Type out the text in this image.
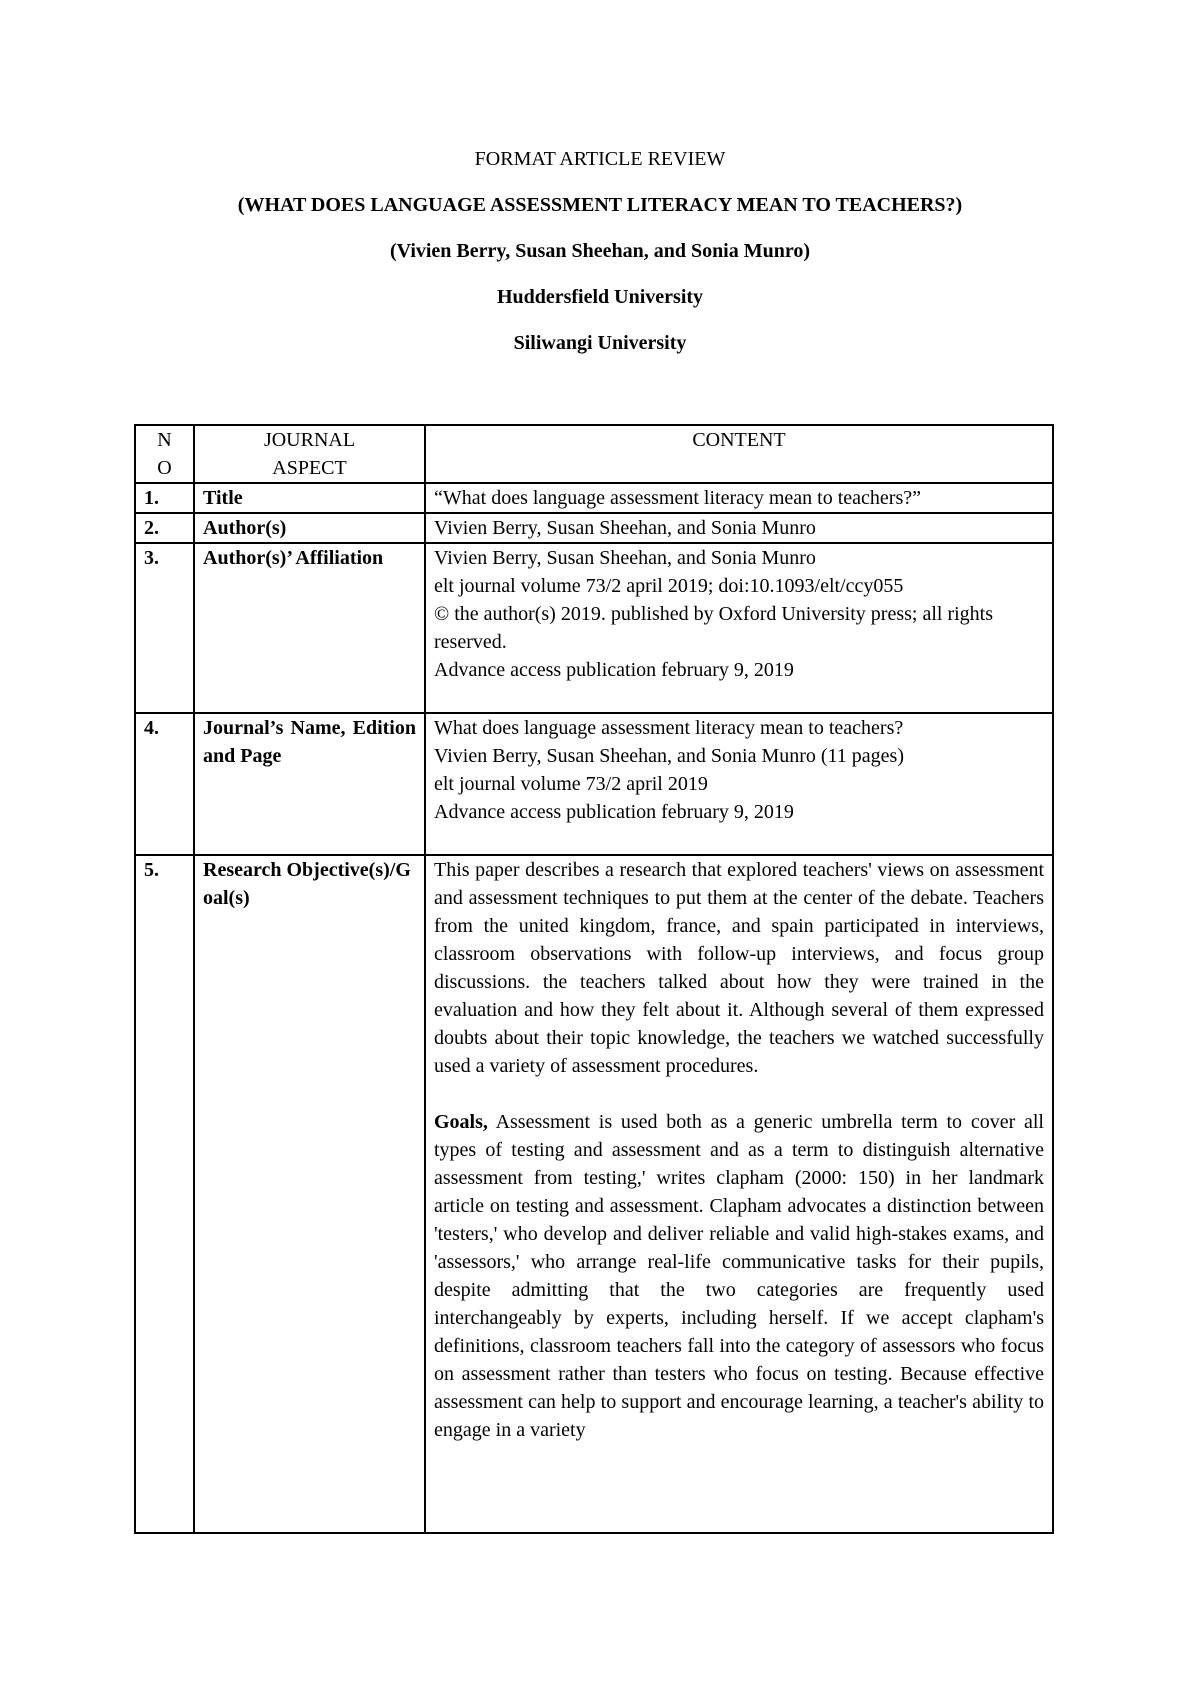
FORMAT ARTICLE REVIEW
(WHAT DOES LANGUAGE ASSESSMENT LITERACY MEAN TO TEACHERS?)
(Vivien Berry, Susan Sheehan, and Sonia Munro)
Huddersfield University
Siliwangi University
NO	JOURNAL ASPECT	CONTENT
1.	Title	“What does language assessment literacy mean to teachers?”

2.	Author(s)	Vivien Berry, Susan Sheehan, and Sonia Munro

3.	Author(s)’ Affiliation	Vivien Berry, Susan Sheehan, and Sonia Munro
elt journal volume 73/2 april 2019; doi:10.1093/elt/ccy055
© the author(s) 2019. published by Oxford University press; all rights reserved.
Advance access publication february 9, 2019

4.	Journal’s Name, Edition and Page	What does language assessment literacy mean to teachers?
Vivien Berry, Susan Sheehan, and Sonia Munro (11 pages)
elt journal volume 73/2 april 2019
Advance access publication february 9, 2019

5.	Research Objective(s)/Goal(s)	This paper describes a research that explored teachers' views on assessment and assessment techniques to put them at the center of the debate. Teachers from the united kingdom, france, and spain participated in interviews, classroom observations with follow-up interviews, and focus group discussions. the teachers talked about how they were trained in the evaluation and how they felt about it. Although several of them expressed doubts about their topic knowledge, the teachers we watched successfully used a variety of assessment procedures.
Goals, Assessment is used both as a generic umbrella term to cover all types of testing and assessment and as a term to distinguish alternative assessment from testing,' writes clapham (2000: 150) in her landmark article on testing and assessment. Clapham advocates a distinction between 'testers,' who develop and deliver reliable and valid high-stakes exams, and 'assessors,' who arrange real-life communicative tasks for their pupils, despite admitting that the two categories are frequently used interchangeably by experts, including herself. If we accept clapham's definitions, classroom teachers fall into the category of assessors who focus on assessment rather than testers who focus on testing. Because effective assessment can help to support and encourage learning, a teacher's ability to engage in a variety
